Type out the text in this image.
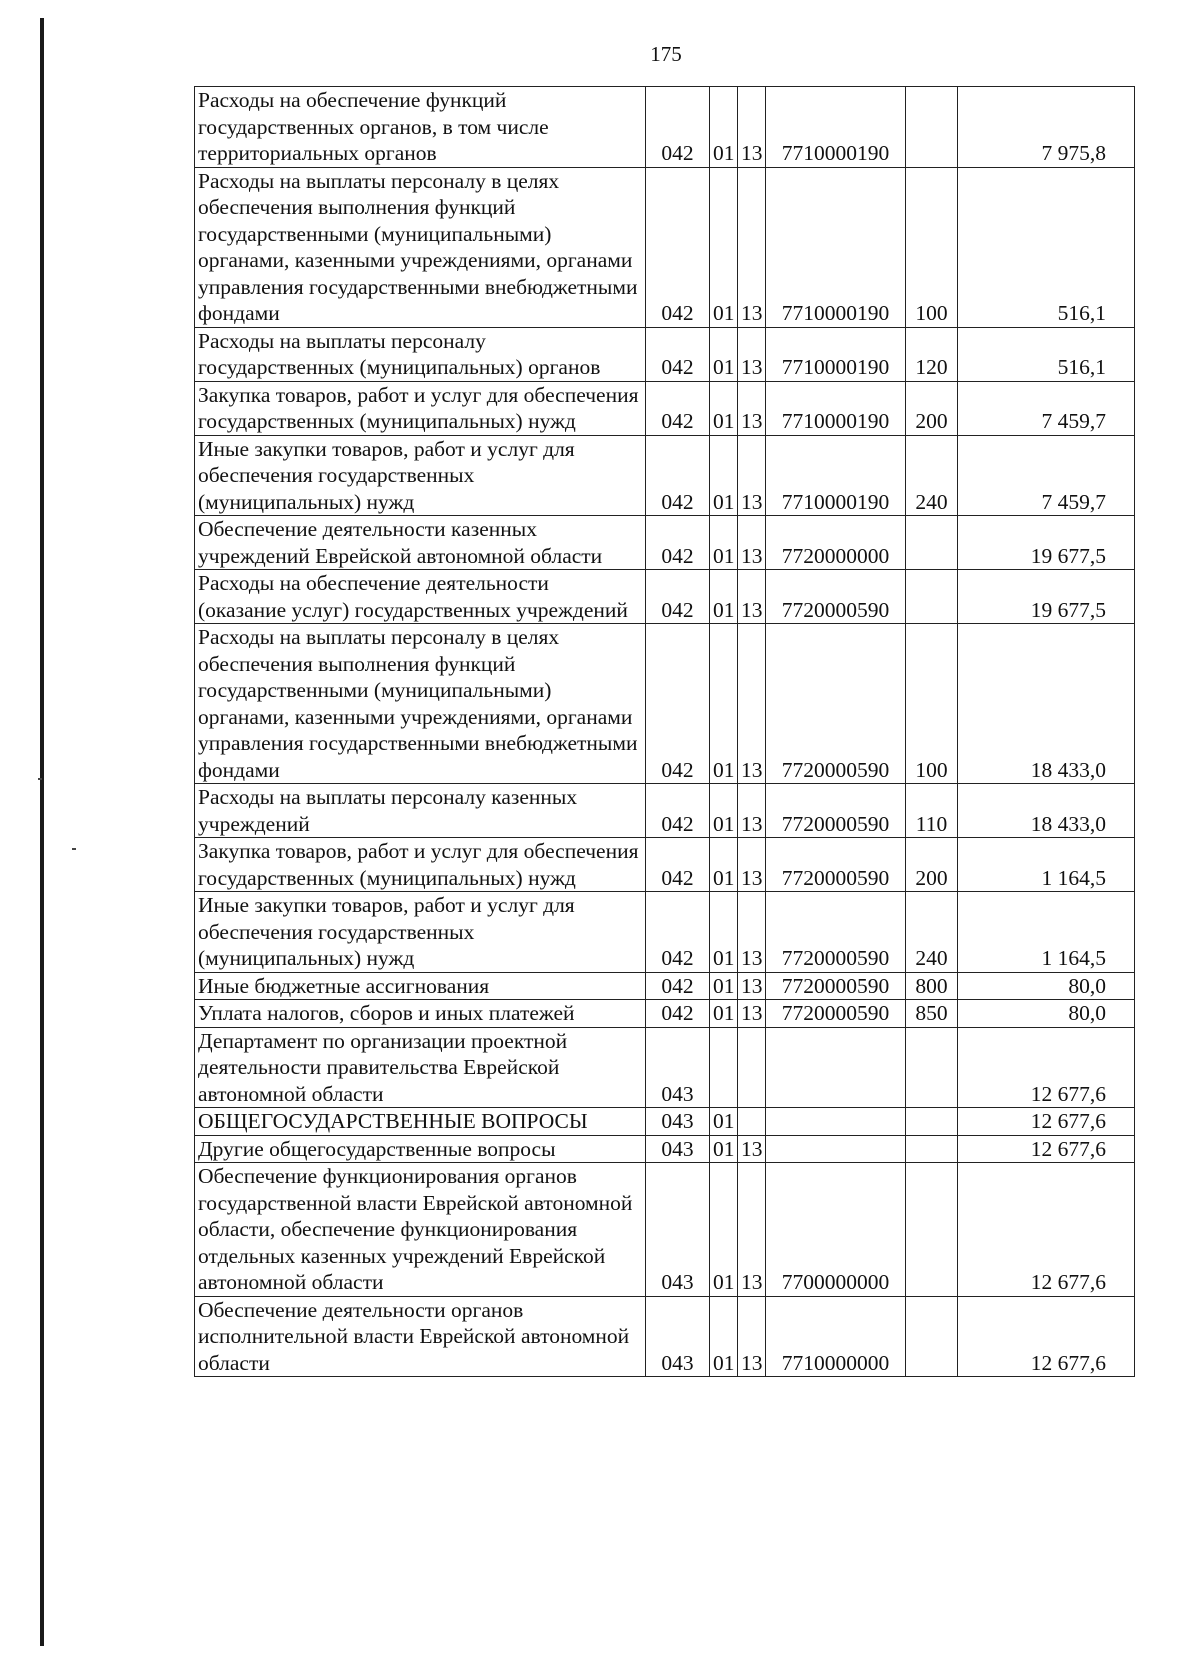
175
Расходы на обеспечение функций государственных органов, в том числе территориальных органов	042	01	13	7710000190		7 975,8
Расходы на выплаты персоналу в целях обеспечения выполнения функций государственными (муниципальными) органами, казенными учреждениями, органами управления государственными внебюджетными фондами	042	01	13	7710000190	100	516,1
Расходы на выплаты персоналу государственных (муниципальных) органов	042	01	13	7710000190	120	516,1
Закупка товаров, работ и услуг для обеспечения государственных (муниципальных) нужд	042	01	13	7710000190	200	7 459,7
Иные закупки товаров, работ и услуг для обеспечения государственных (муниципальных) нужд	042	01	13	7710000190	240	7 459,7
Обеспечение деятельности казенных учреждений Еврейской автономной области	042	01	13	7720000000		19 677,5
Расходы на обеспечение деятельности (оказание услуг) государственных учреждений	042	01	13	7720000590		19 677,5
Расходы на выплаты персоналу в целях обеспечения выполнения функций государственными (муниципальными) органами, казенными учреждениями, органами управления государственными внебюджетными фондами	042	01	13	7720000590	100	18 433,0
Расходы на выплаты персоналу казенных учреждений	042	01	13	7720000590	110	18 433,0
Закупка товаров, работ и услуг для обеспечения государственных (муниципальных) нужд	042	01	13	7720000590	200	1 164,5
Иные закупки товаров, работ и услуг для обеспечения государственных (муниципальных) нужд	042	01	13	7720000590	240	1 164,5
Иные бюджетные ассигнования	042	01	13	7720000590	800	80,0
Уплата налогов, сборов и иных платежей	042	01	13	7720000590	850	80,0
Департамент по организации проектной деятельности правительства Еврейской автономной области	043					12 677,6
ОБЩЕГОСУДАРСТВЕННЫЕ ВОПРОСЫ	043	01				12 677,6
Другие общегосударственные вопросы	043	01	13			12 677,6
Обеспечение функционирования органов государственной власти Еврейской автономной области, обеспечение функционирования отдельных казенных учреждений Еврейской автономной области	043	01	13	7700000000		12 677,6
Обеспечение деятельности органов исполнительной власти Еврейской автономной области	043	01	13	7710000000		12 677,6
